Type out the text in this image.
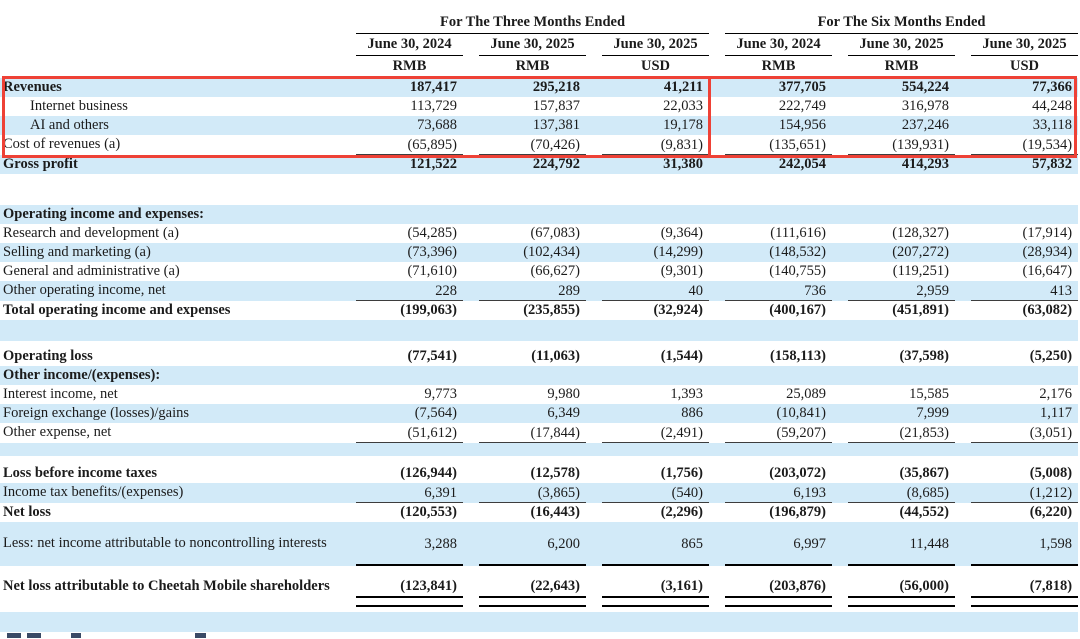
	For The Three Months Ended			For The Six Months Ended		

	June 30, 2024	June 30, 2025	June 30, 2025	June 30, 2024	June 30, 2025	June 30, 2025

	RMB	RMB	USD	RMB	RMB	USD

Revenues	187,417	295,218	41,211	377,705	554,224	77,366
Internet business	113,729	157,837	22,033	222,749	316,978	44,248
AI and others	73,688	137,381	19,178	154,956	237,246	33,118
Cost of revenues (a)	(65,895)	(70,426)	(9,831)	(135,651)	(139,931)	(19,534)

Gross profit	121,522	224,792	31,380	242,054	414,293	57,832

Operating income and expenses:						
Research and development (a)	(54,285)	(67,083)	(9,364)	(111,616)	(128,327)	(17,914)
Selling and marketing (a)	(73,396)	(102,434)	(14,299)	(148,532)	(207,272)	(28,934)
General and administrative (a)	(71,610)	(66,627)	(9,301)	(140,755)	(119,251)	(16,647)
Other operating income, net	228	289	40	736	2,959	413

Total operating income and expenses	(199,063)	(235,855)	(32,924)	(400,167)	(451,891)	(63,082)

Operating loss	(77,541)	(11,063)	(1,544)	(158,113)	(37,598)	(5,250)
Other income/(expenses):						
Interest income, net	9,773	9,980	1,393	25,089	15,585	2,176
Foreign exchange (losses)/gains	(7,564)	6,349	886	(10,841)	7,999	1,117
Other expense, net	(51,612)	(17,844)	(2,491)	(59,207)	(21,853)	(3,051)

Loss before income taxes	(126,944)	(12,578)	(1,756)	(203,072)	(35,867)	(5,008)
Income tax benefits/(expenses)	6,391	(3,865)	(540)	6,193	(8,685)	(1,212)

Net loss	(120,553)	(16,443)	(2,296)	(196,879)	(44,552)	(6,220)
Less: net income attributable to noncontrolling interests	3,288	6,200	865	6,997	11,448	1,598

Net loss attributable to Cheetah Mobile shareholders	(123,841)	(22,643)	(3,161)	(203,876)	(56,000)	(7,818)
